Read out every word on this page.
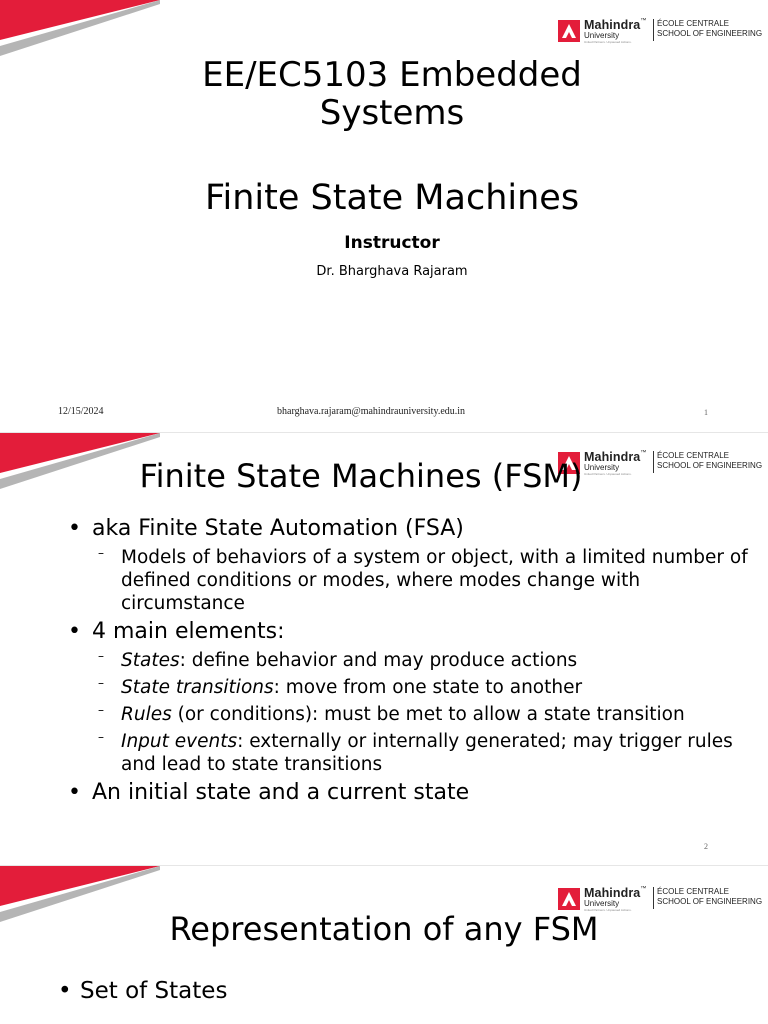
Mahindra™
University
United Partners. Unpaused Actions.
ÉCOLE CENTRALE
SCHOOL OF ENGINEERING
EE/EC5103 Embedded
Systems
Finite State Machines
Instructor
Dr. Bharghava Rajaram
12/15/2024	bharghava.rajaram@mahindrauniversity.edu.in	1
Mahindra™
University
United Partners. Unpaused Actions.
ÉCOLE CENTRALE
SCHOOL OF ENGINEERING
Finite State Machines (FSM)
• aka Finite State Automation (FSA)
– Models of behaviors of a system or object, with a limited number of defined conditions or modes, where modes change with circumstance
• 4 main elements:
– States: define behavior and may produce actions
– State transitions: move from one state to another
– Rules (or conditions): must be met to allow a state transition
– Input events: externally or internally generated; may trigger rules and lead to state transitions
• An initial state and a current state
2
Mahindra™
University
United Partners. Unpaused Actions.
ÉCOLE CENTRALE
SCHOOL OF ENGINEERING
Representation of any FSM
• Set of States
